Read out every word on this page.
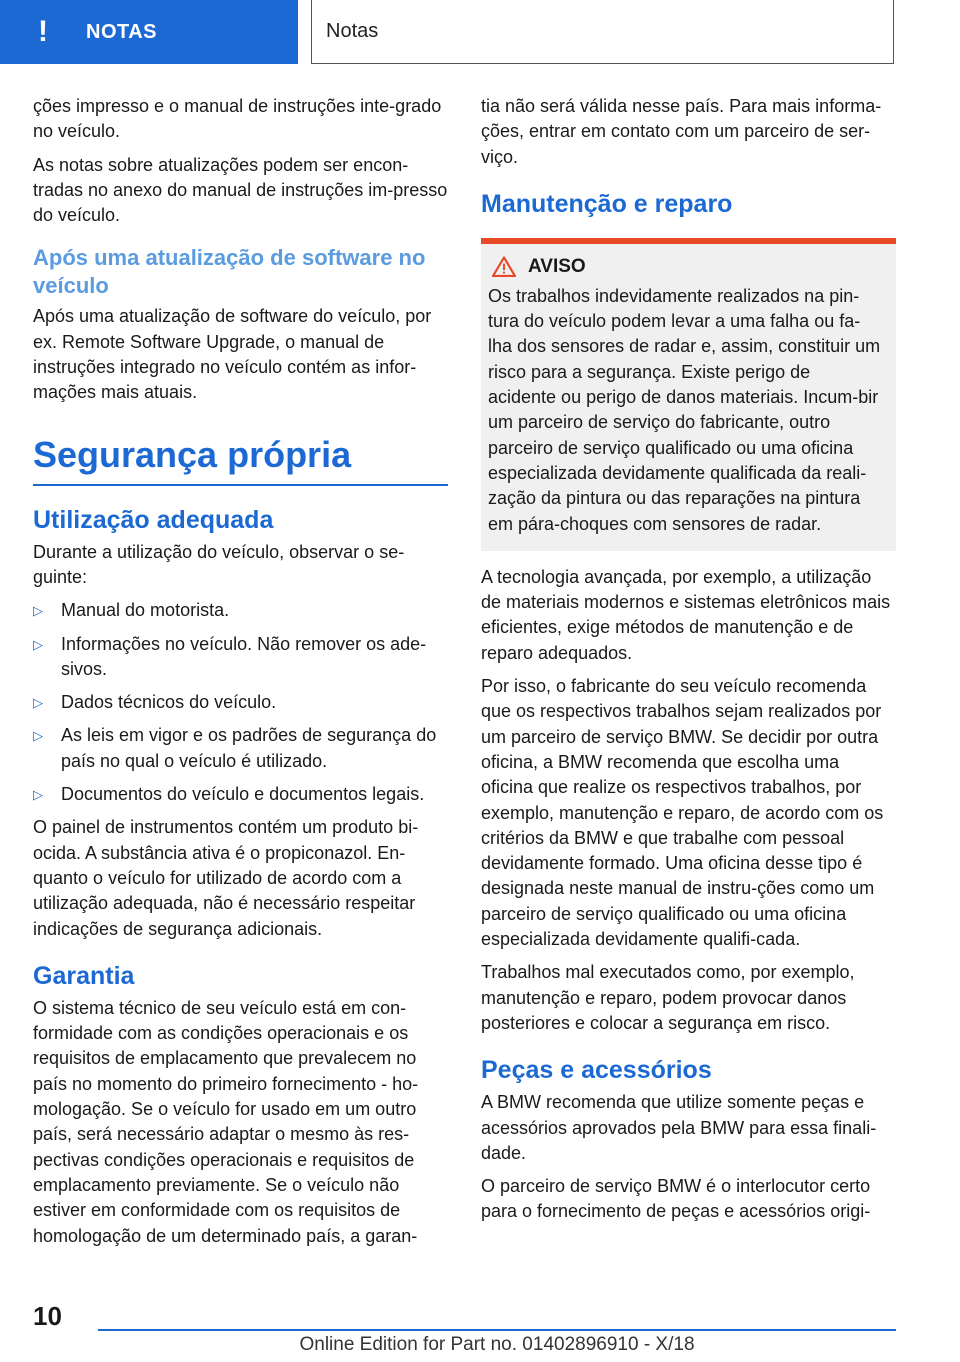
!	NOTAS	Notas

ções impresso e o manual de instruções inte-grado no veículo.

As notas sobre atualizações podem ser encon-tradas no anexo do manual de instruções im-presso do veículo.

Após uma atualização de software no veículo

Após uma atualização de software do veículo, por ex. Remote Software Upgrade, o manual de instruções integrado no veículo contém as infor-mações mais atuais.

Segurança própria
Utilização adequada

Durante a utilização do veículo, observar o se-guinte:

▷ Manual do motorista.
▷ Informações no veículo. Não remover os ade-sivos.
▷ Dados técnicos do veículo.
▷ As leis em vigor e os padrões de segurança do país no qual o veículo é utilizado.
▷ Documentos do veículo e documentos legais.

O painel de instrumentos contém um produto bi-ocida. A substância ativa é o propiconazol. En-quanto o veículo for utilizado de acordo com a utilização adequada, não é necessário respeitar indicações de segurança adicionais.

Garantia

O sistema técnico de seu veículo está em con-formidade com as condições operacionais e os requisitos de emplacamento que prevalecem no país no momento do primeiro fornecimento - ho-mologação. Se o veículo for usado em um outro país, será necessário adaptar o mesmo às res-pectivas condições operacionais e requisitos de emplacamento previamente. Se o veículo não estiver em conformidade com os requisitos de homologação de um determinado país, a garan-

tia não será válida nesse país. Para mais informa-ções, entrar em contato com um parceiro de ser-viço.

Manutenção e reparo
AVISO

Os trabalhos indevidamente realizados na pin-tura do veículo podem levar a uma falha ou fa-lha dos sensores de radar e, assim, constituir um risco para a segurança. Existe perigo de acidente ou perigo de danos materiais. Incum-bir um parceiro de serviço do fabricante, outro parceiro de serviço qualificado ou uma oficina especializada devidamente qualificada da reali-zação da pintura ou das reparações na pintura em pára-choques com sensores de radar.

A tecnologia avançada, por exemplo, a utilização de materiais modernos e sistemas eletrônicos mais eficientes, exige métodos de manutenção e de reparo adequados.

Por isso, o fabricante do seu veículo recomenda que os respectivos trabalhos sejam realizados por um parceiro de serviço BMW. Se decidir por outra oficina, a BMW recomenda que escolha uma oficina que realize os respectivos trabalhos, por exemplo, manutenção e reparo, de acordo com os critérios da BMW e que trabalhe com pessoal devidamente formado. Uma oficina desse tipo é designada neste manual de instru-ções como um parceiro de serviço qualificado ou uma oficina especializada devidamente qualifi-cada.

Trabalhos mal executados como, por exemplo, manutenção e reparo, podem provocar danos posteriores e colocar a segurança em risco.

Peças e acessórios

A BMW recomenda que utilize somente peças e acessórios aprovados pela BMW para essa finali-dade.

O parceiro de serviço BMW é o interlocutor certo para o fornecimento de peças e acessórios origi-

10
Online Edition for Part no. 01402896910 - X/18
